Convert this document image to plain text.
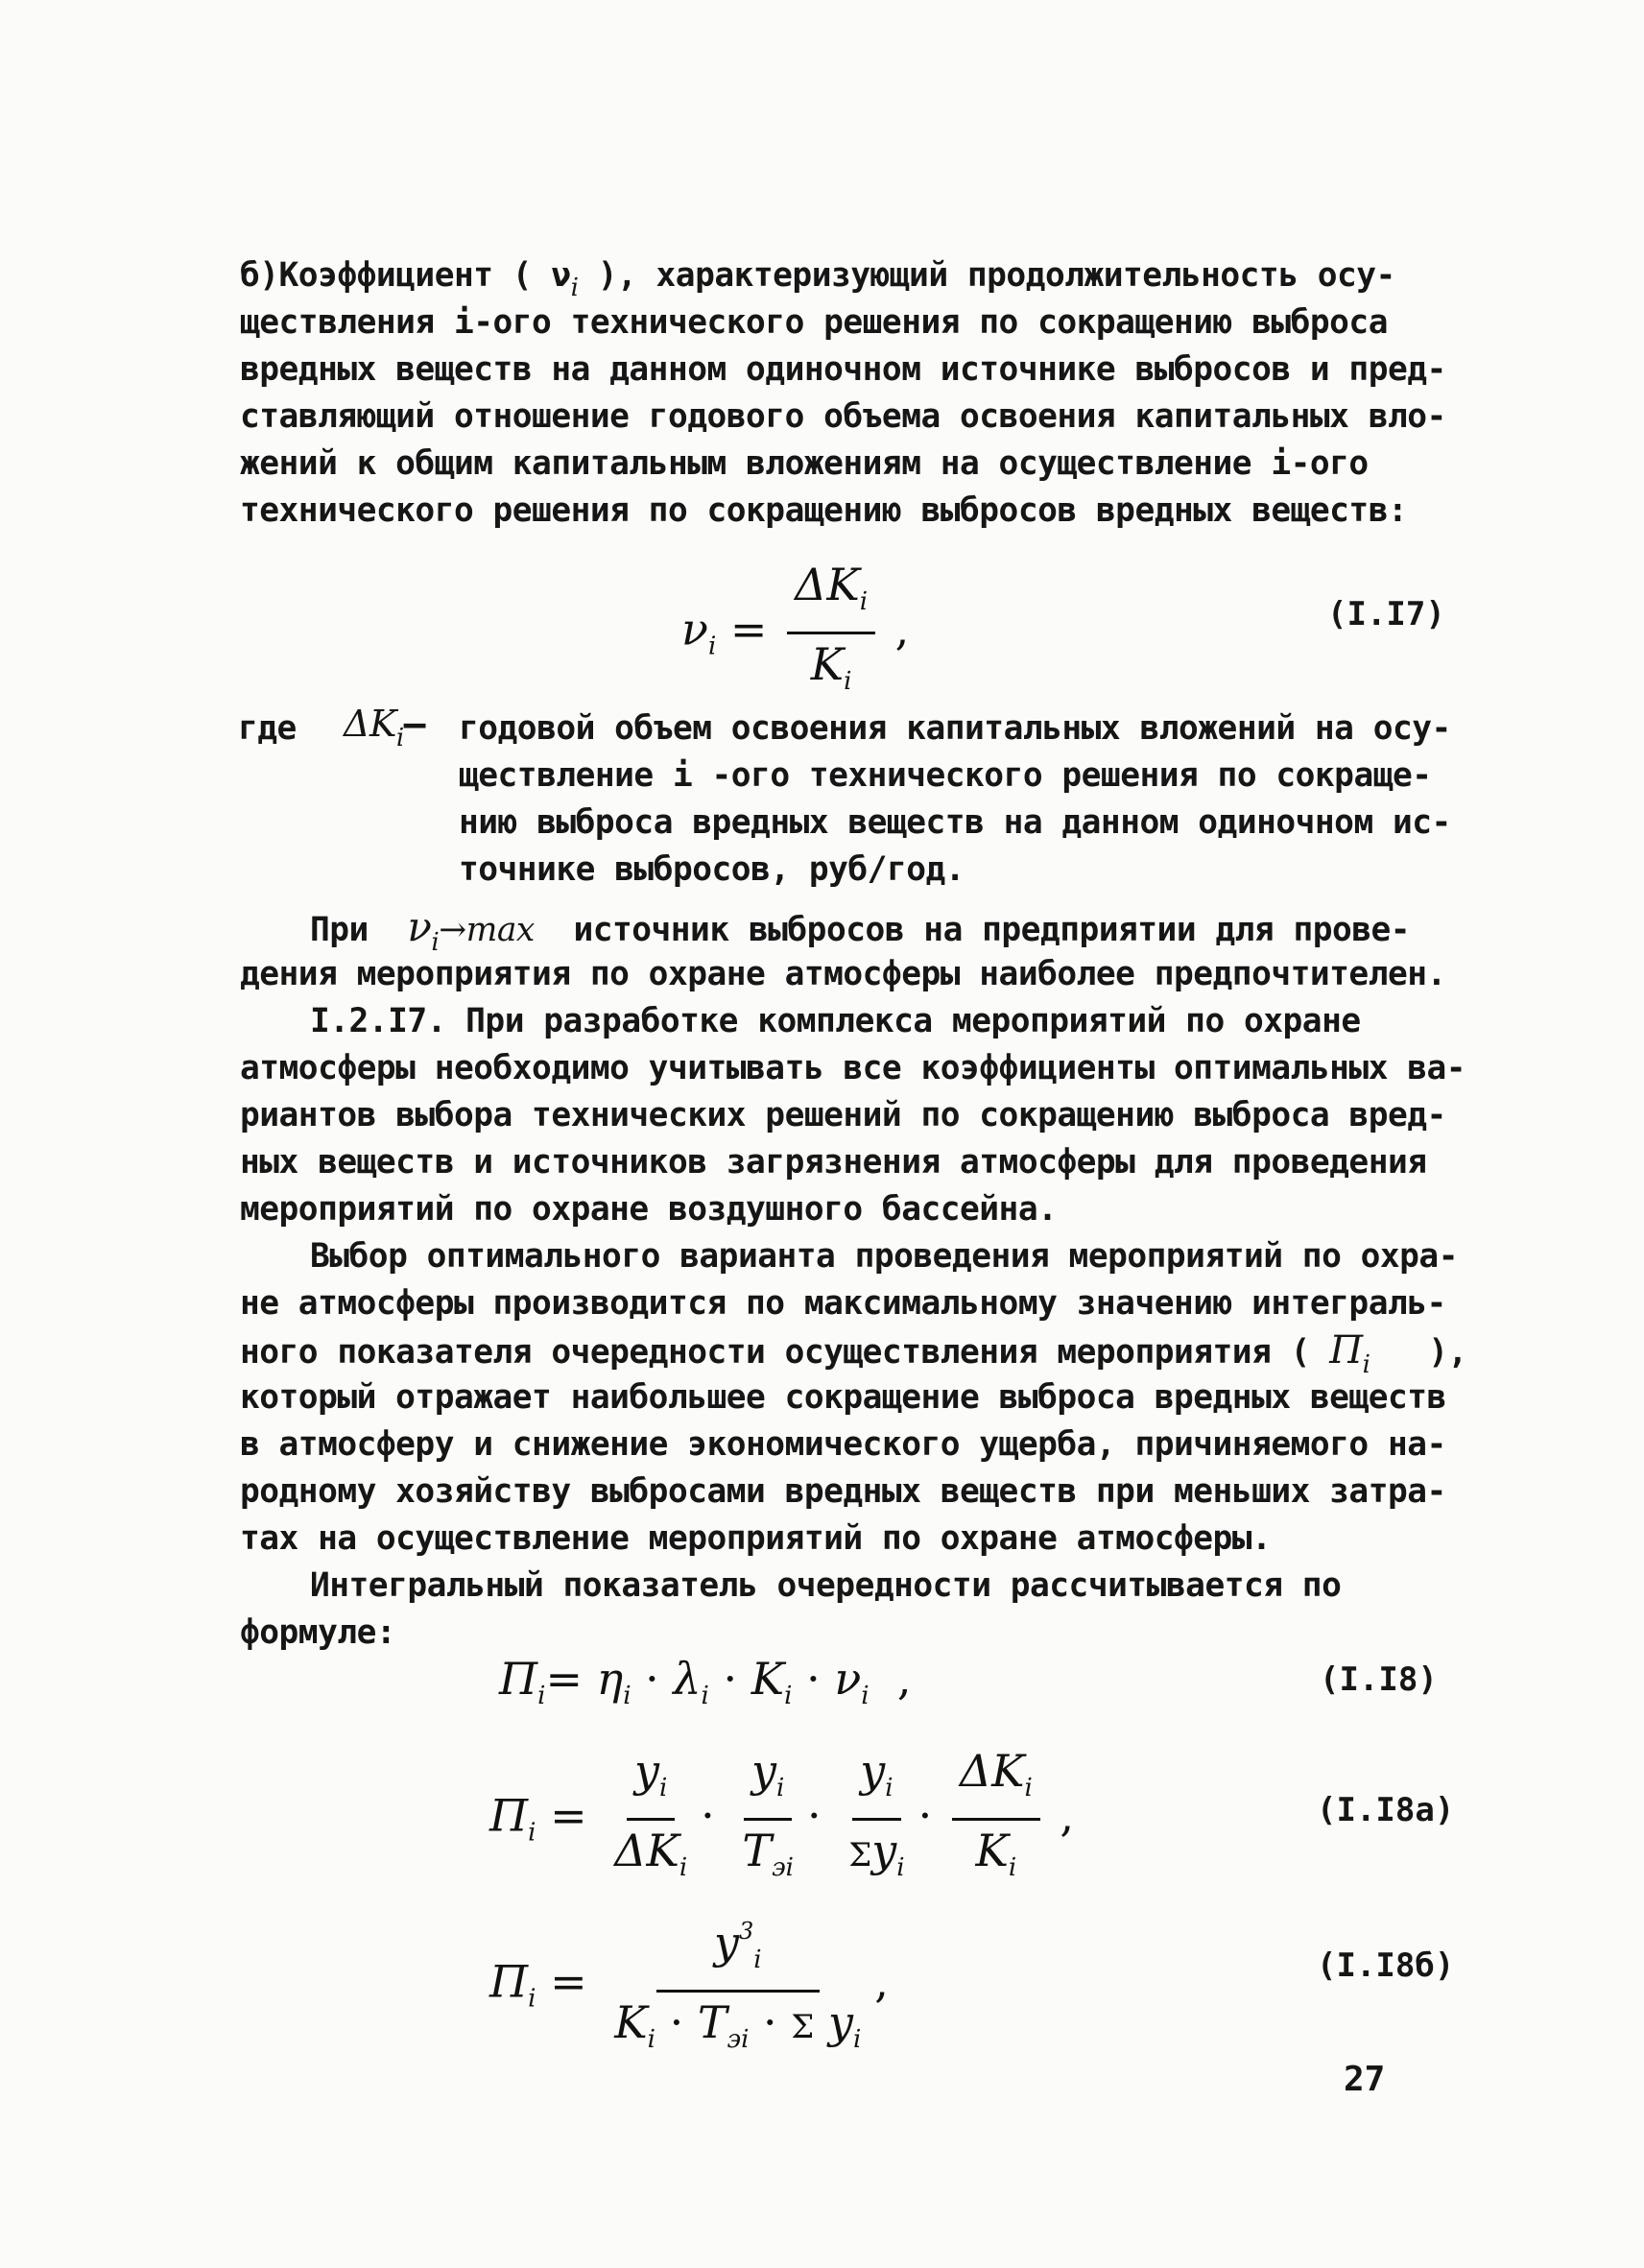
б)Коэффициент ( $\nu_i$ ), характеризующий продолжительность осу-
ществления i-ого технического решения по сокращению выброса
вредных веществ на данном одиночном источнике выбросов и пред-
ставляющий отношение годового объема освоения капитальных вло-
жений к общим капитальным вложениям на осуществление i-ого
технического решения по сокращению выбросов вредных веществ:
$\nu_i = \frac{\Delta K_i}{K_i}$ ,	(I.I7)
где $\Delta K_i-$ годовой объем освоения капитальных вложений на осу-
ществление i -ого технического решения по сокраще-
нию выброса вредных веществ на данном одиночном ис-
точнике выбросов, руб/год.
При $\nu_i\to\max$ источник выбросов на предприятии для прове-
дения мероприятия по охране атмосферы наиболее предпочтителен.
I.2.I7. При разработке комплекса мероприятий по охране
атмосферы необходимо учитывать все коэффициенты оптимальных ва-
риантов выбора технических решений по сокращению выброса вред-
ных веществ и источников загрязнения атмосферы для проведения
мероприятий по охране воздушного бассейна.
Выбор оптимального варианта проведения мероприятий по охра-
не атмосферы производится по максимальному значению интеграль-
ного показателя очередности осуществления мероприятия ( $\Pi_i$ ),
который отражает наибольшее сокращение выброса вредных веществ
в атмосферу и снижение экономического ущерба, причиняемого на-
родному хозяйству выбросами вредных веществ при меньших затра-
тах на осуществление мероприятий по охране атмосферы.
Интегральный показатель очередности рассчитывается по
формуле:
$\Pi_i= \eta_i \cdot \lambda_i \cdot K_i \cdot \nu_i$  ,	(I.I8)
$\Pi_i = \frac{y_i}{\Delta K_i} \cdot \frac{y_i}{T_{эi}} \cdot \frac{y_i}{\Sigma y_i} \cdot \frac{\Delta K_i}{K_i}$ ,	(I.I8a)
$\Pi_i = \frac{y^3_i}{K_i \cdot T_{эi} \cdot \Sigma y_i}$ ,	(I.I8б)
27
